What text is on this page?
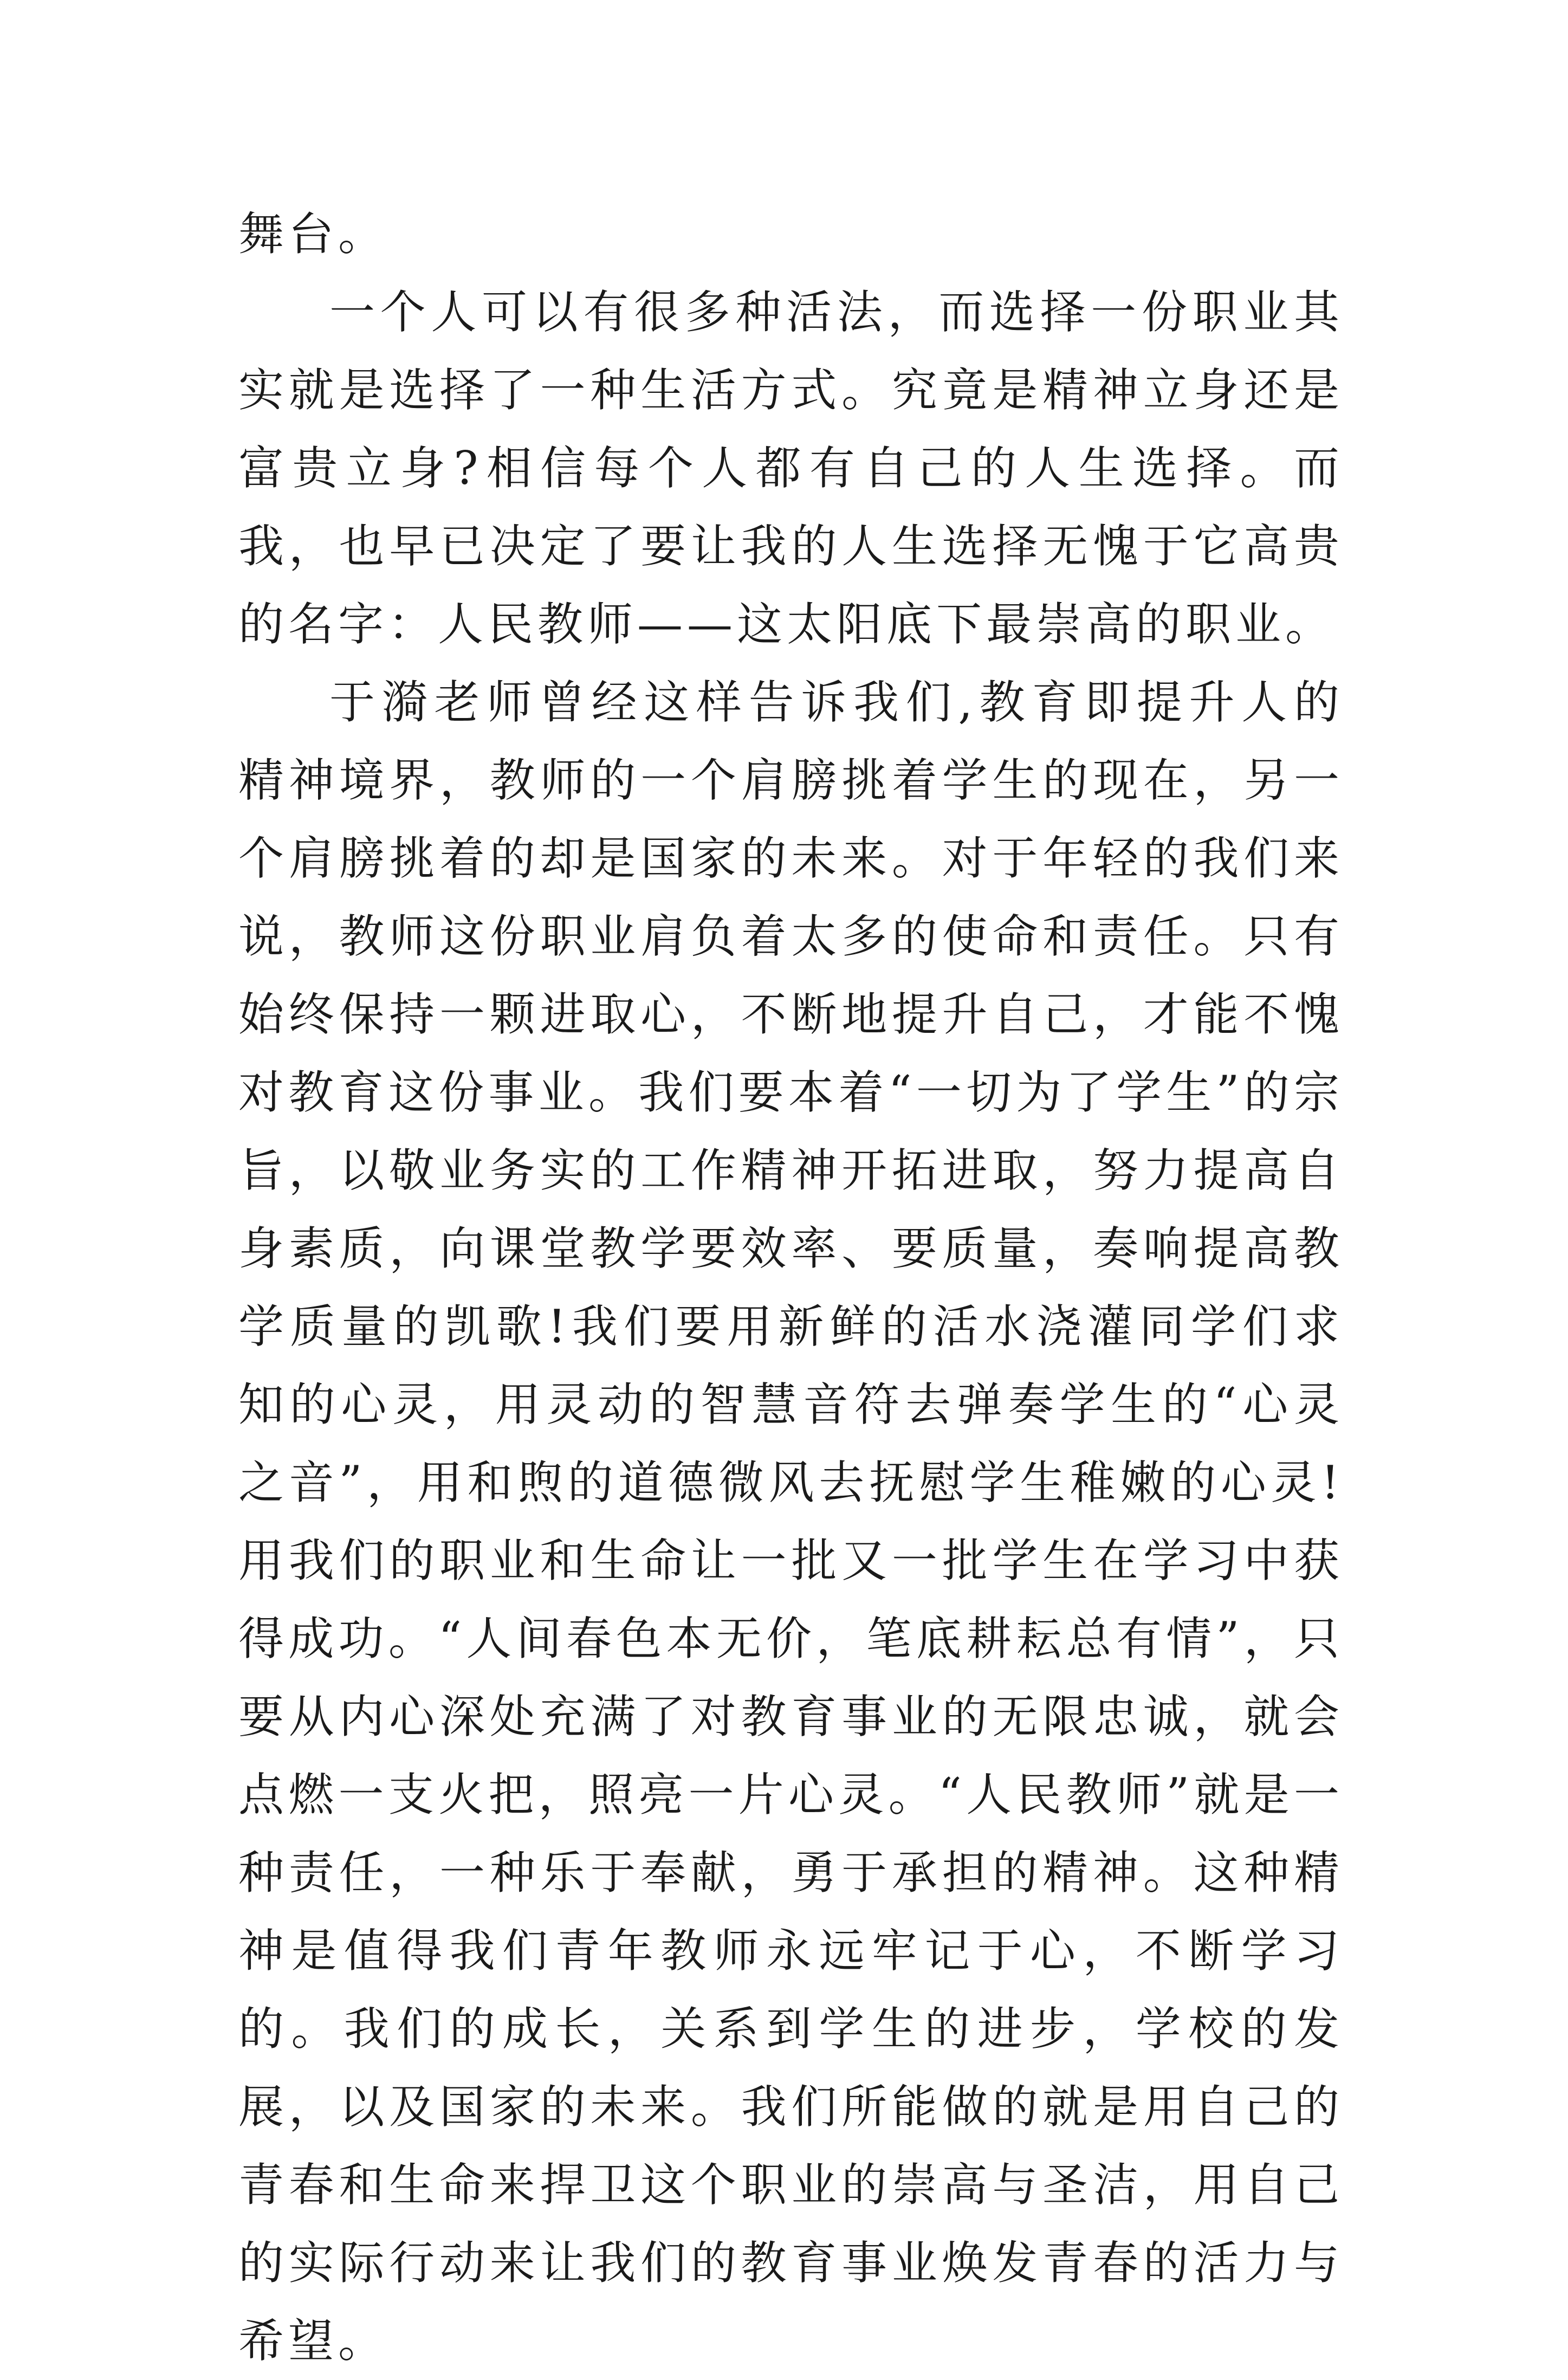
舞台。

一个人可以有很多种活法，而选择一份职业其实就是选择了一种生活方式。究竟是精神立身还是富贵立身?相信每个人都有自己的人生选择。而我，也早已决定了要让我的人生选择无愧于它高贵的名字：人民教师——这太阳底下最崇高的职业。

于漪老师曾经这样告诉我们,教育即提升人的精神境界，教师的一个肩膀挑着学生的现在，另一个肩膀挑着的却是国家的未来。对于年轻的我们来说，教师这份职业肩负着太多的使命和责任。只有始终保持一颗进取心，不断地提升自己，才能不愧对教育这份事业。我们要本着“一切为了学生”的宗旨，以敬业务实的工作精神开拓进取，努力提高自身素质，向课堂教学要效率、要质量，奏响提高教学质量的凯歌!我们要用新鲜的活水浇灌同学们求知的心灵，用灵动的智慧音符去弹奏学生的“心灵之音”，用和煦的道德微风去抚慰学生稚嫩的心灵!用我们的职业和生命让一批又一批学生在学习中获得成功。“人间春色本无价，笔底耕耘总有情”，只要从内心深处充满了对教育事业的无限忠诚，就会点燃一支火把，照亮一片心灵。“人民教师”就是一种责任，一种乐于奉献，勇于承担的精神。这种精神是值得我们青年教师永远牢记于心，不断学习的。我们的成长，关系到学生的进步，学校的发展，以及国家的未来。我们所能做的就是用自己的青春和生命来捍卫这个职业的崇高与圣洁，用自己的实际行动来让我们的教育事业焕发青春的活力与希望。
